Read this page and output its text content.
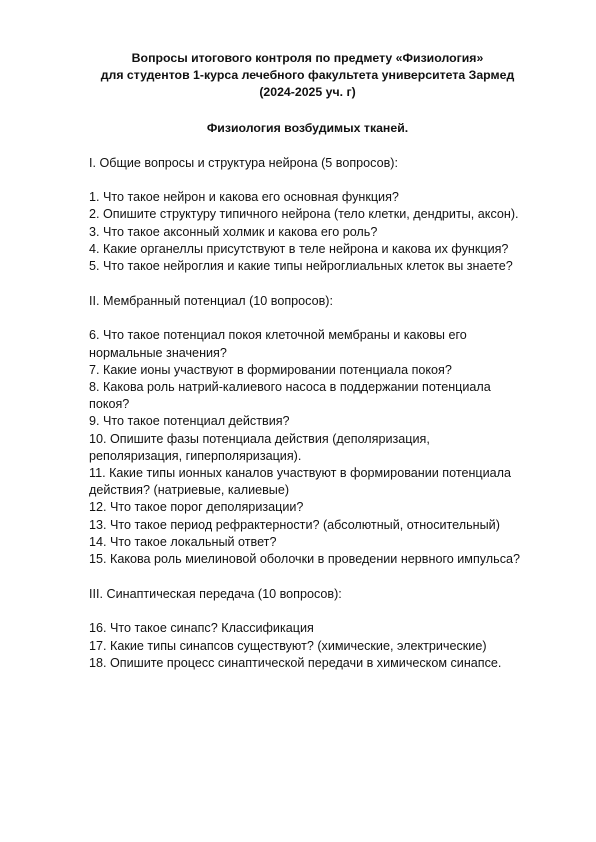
Вопросы итогового контроля по предмету «Физиология»
для студентов 1-курса лечебного факультета университета Зармед
(2024-2025 уч. г)
Физиология возбудимых тканей.
I. Общие вопросы и структура нейрона (5 вопросов):
1. Что такое нейрон и какова его основная функция?
2. Опишите структуру типичного нейрона (тело клетки, дендриты, аксон).
3. Что такое аксонный холмик и какова его роль?
4. Какие органеллы присутствуют в теле нейрона и какова их функция?
5. Что такое нейроглия и какие типы нейроглиальных клеток вы знаете?
II. Мембранный потенциал (10 вопросов):
6. Что такое потенциал покоя клеточной мембраны и каковы его нормальные значения?
7. Какие ионы участвуют в формировании потенциала покоя?
8. Какова роль натрий-калиевого насоса в поддержании потенциала покоя?
9. Что такое потенциал действия?
10. Опишите фазы потенциала действия (деполяризация, реполяризация, гиперполяризация).
11. Какие типы ионных каналов участвуют в формировании потенциала действия? (натриевые, калиевые)
12. Что такое порог деполяризации?
13. Что такое период рефрактерности? (абсолютный, относительный)
14. Что такое локальный ответ?
15. Какова роль миелиновой оболочки в проведении нервного импульса?
III. Синаптическая передача (10 вопросов):
16. Что такое синапс? Классификация
17. Какие типы синапсов существуют? (химические, электрические)
18. Опишите процесс синаптической передачи в химическом синапсе.
